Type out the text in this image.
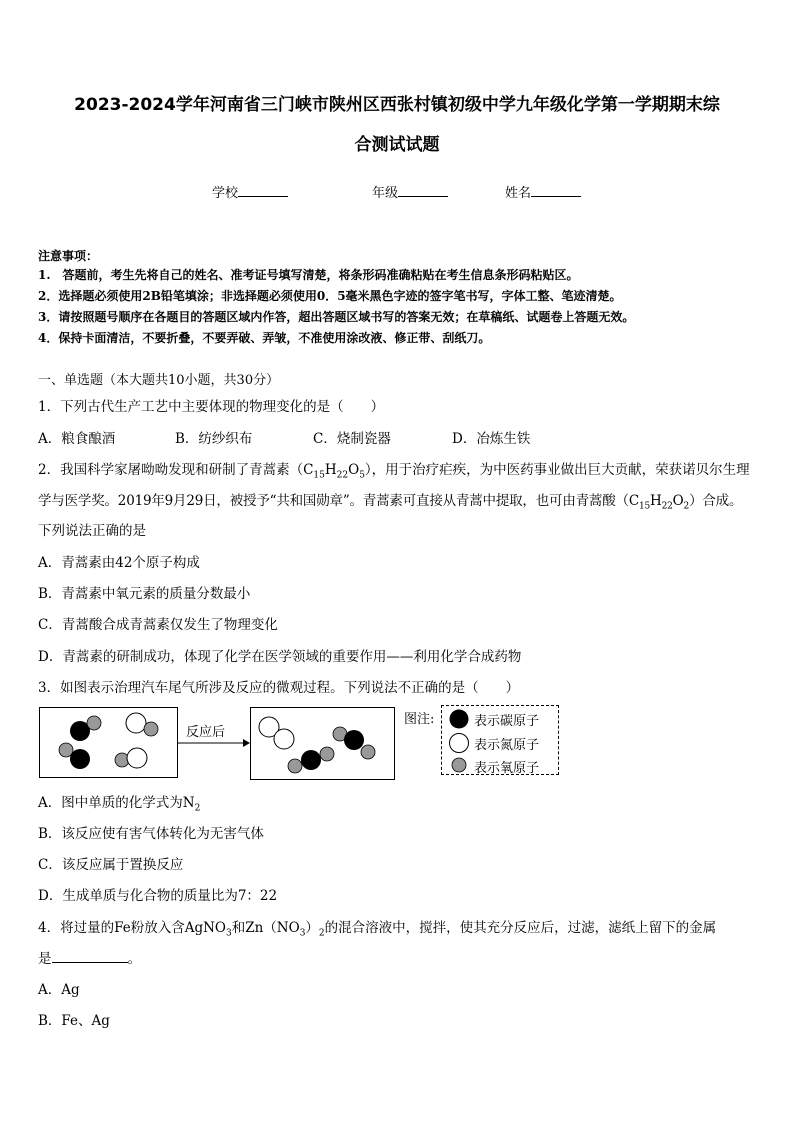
2023-2024学年河南省三门峡市陕州区西张村镇初级中学九年级化学第一学期期末综
合测试试题
学校	年级	姓名
注意事项：
1.　答题前，考生先将自己的姓名、准考证号填写清楚，将条形码准确粘贴在考生信息条形码粘贴区。
2．选择题必须使用2B铅笔填涂；非选择题必须使用0．5毫米黑色字迹的签字笔书写，字体工整、笔迹清楚。
3．请按照题号顺序在各题目的答题区域内作答，超出答题区域书写的答案无效；在草稿纸、试题卷上答题无效。
4．保持卡面清洁，不要折叠，不要弄破、弄皱，不准使用涂改液、修正带、刮纸刀。
一、单选题（本大题共10小题，共30分）
1．下列古代生产工艺中主要体现的物理变化的是（　　）
A．粮食酿酒	B．纺纱织布	C．烧制瓷器	D．冶炼生铁
2．我国科学家屠呦呦发现和研制了青蒿素$(C_{15}H_{22}O_5)$，用于治疗疟疾，为中医药事业做出巨大贡献，荣获诺贝尔生理
学与医学奖。2019年9月29日，被授予“共和国勋章”。青蒿素可直接从青蒿中提取，也可由青蒿酸$(C_{15}H_{22}O_2)$合成。
下列说法正确的是
A．青蒿素由42个原子构成
B．青蒿素中氧元素的质量分数最小
C．青蒿酸合成青蒿素仅发生了物理变化
D．青蒿素的研制成功，体现了化学在医学领域的重要作用——利用化学合成药物
3．如图表示治理汽车尾气所涉及反应的微观过程。下列说法不正确的是（　　）
反应后
图注:	表示碳原子
表示氮原子
表示氧原子
A．图中单质的化学式为$N_2$
B．该反应使有害气体转化为无害气体
C．该反应属于置换反应
D．生成单质与化合物的质量比为7：22
4．将过量的Fe粉放入含AgNO$_3$和$Zn(NO_3)_2$的混合溶液中，搅拌，使其充分反应后，过滤，滤纸上留下的金属
是	。
A．Ag
B．Fe、Ag
